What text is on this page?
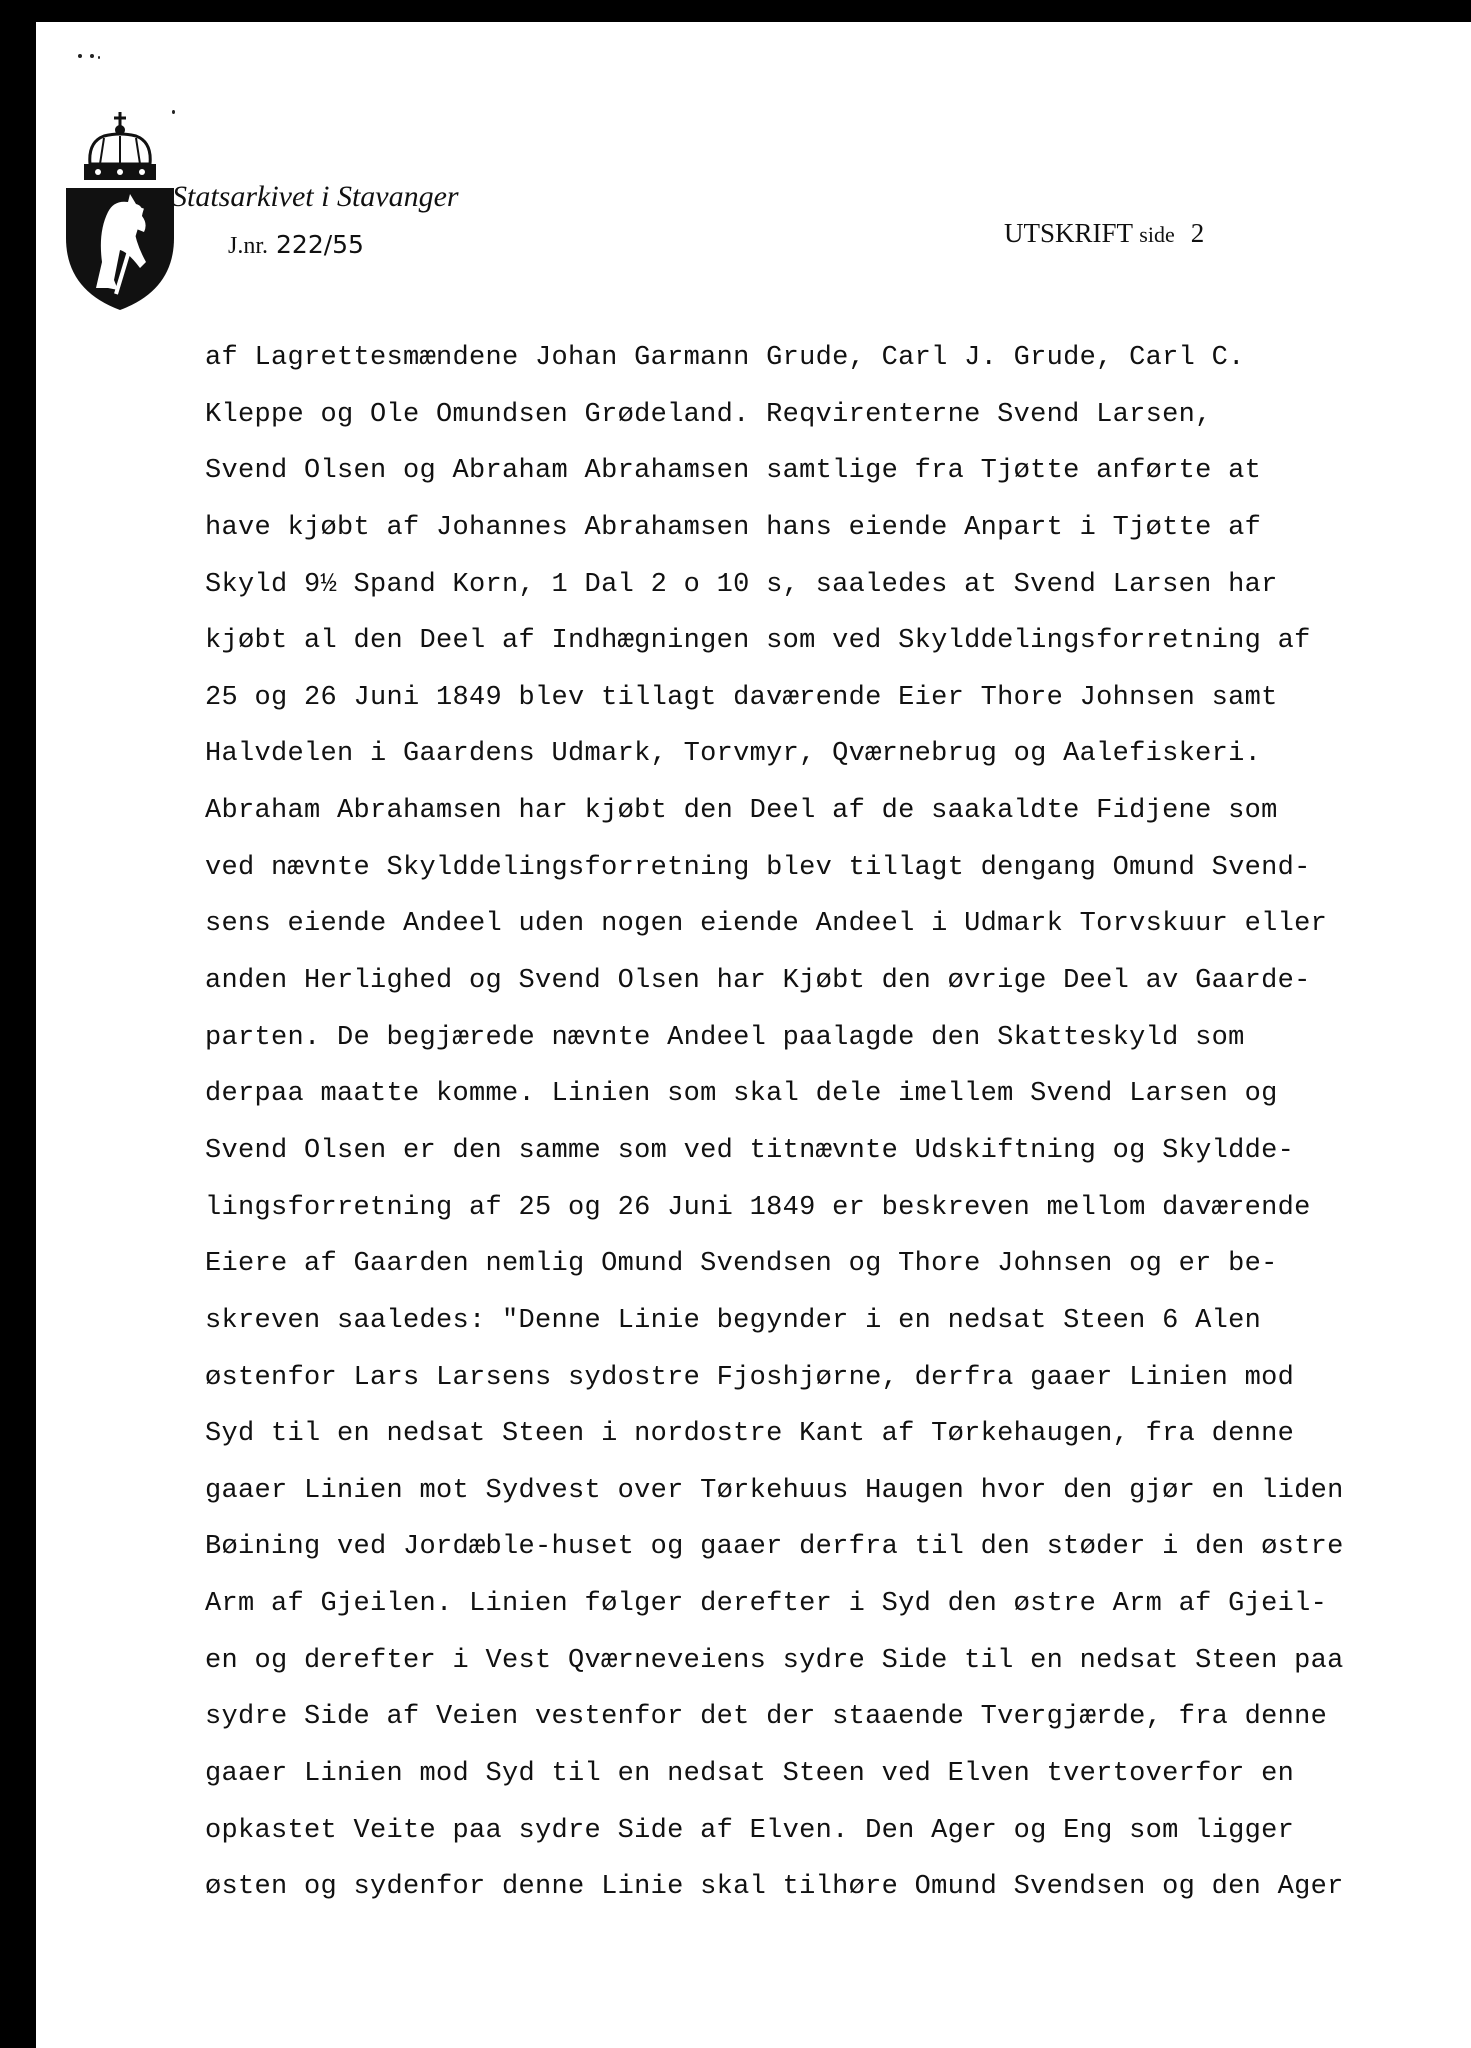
Statsarkivet i Stavanger
J.nr. 222/55	UTSKRIFT side 2
af Lagrettesmændene Johan Garmann Grude, Carl J. Grude, Carl C.
Kleppe og Ole Omundsen Grødeland. Reqvirenterne Svend Larsen,
Svend Olsen og Abraham Abrahamsen samtlige fra Tjøtte anførte at
have kjøbt af Johannes Abrahamsen hans eiende Anpart i Tjøtte af
Skyld 9½ Spand Korn, 1 Dal 2 o 10 s, saaledes at Svend Larsen har
kjøbt al den Deel af Indhægningen som ved Skylddelingsforretning af
25 og 26 Juni 1849 blev tillagt daværende Eier Thore Johnsen samt
Halvdelen i Gaardens Udmark, Torvmyr, Qværnebrug og Aalefiskeri.
Abraham Abrahamsen har kjøbt den Deel af de saakaldte Fidjene som
ved nævnte Skylddelingsforretning blev tillagt dengang Omund Svend-
sens eiende Andeel uden nogen eiende Andeel i Udmark Torvskuur eller
anden Herlighed og Svend Olsen har Kjøbt den øvrige Deel av Gaarde-
parten. De begjærede nævnte Andeel paalagde den Skatteskyld som
derpaa maatte komme. Linien som skal dele imellem Svend Larsen og
Svend Olsen er den samme som ved titnævnte Udskiftning og Skyldde-
lingsforretning af 25 og 26 Juni 1849 er beskreven mellom daværende
Eiere af Gaarden nemlig Omund Svendsen og Thore Johnsen og er be-
skreven saaledes: "Denne Linie begynder i en nedsat Steen 6 Alen
østenfor Lars Larsens sydostre Fjoshjørne, derfra gaaer Linien mod
Syd til en nedsat Steen i nordostre Kant af Tørkehaugen, fra denne
gaaer Linien mot Sydvest over Tørkehuus Haugen hvor den gjør en liden
Bøining ved Jordæble-huset og gaaer derfra til den støder i den østre
Arm af Gjeilen. Linien følger derefter i Syd den østre Arm af Gjeil-
en og derefter i Vest Qværneveiens sydre Side til en nedsat Steen paa
sydre Side af Veien vestenfor det der staaende Tvergjærde, fra denne
gaaer Linien mod Syd til en nedsat Steen ved Elven tvertoverfor en
opkastet Veite paa sydre Side af Elven. Den Ager og Eng som ligger
østen og sydenfor denne Linie skal tilhøre Omund Svendsen og den Ager
